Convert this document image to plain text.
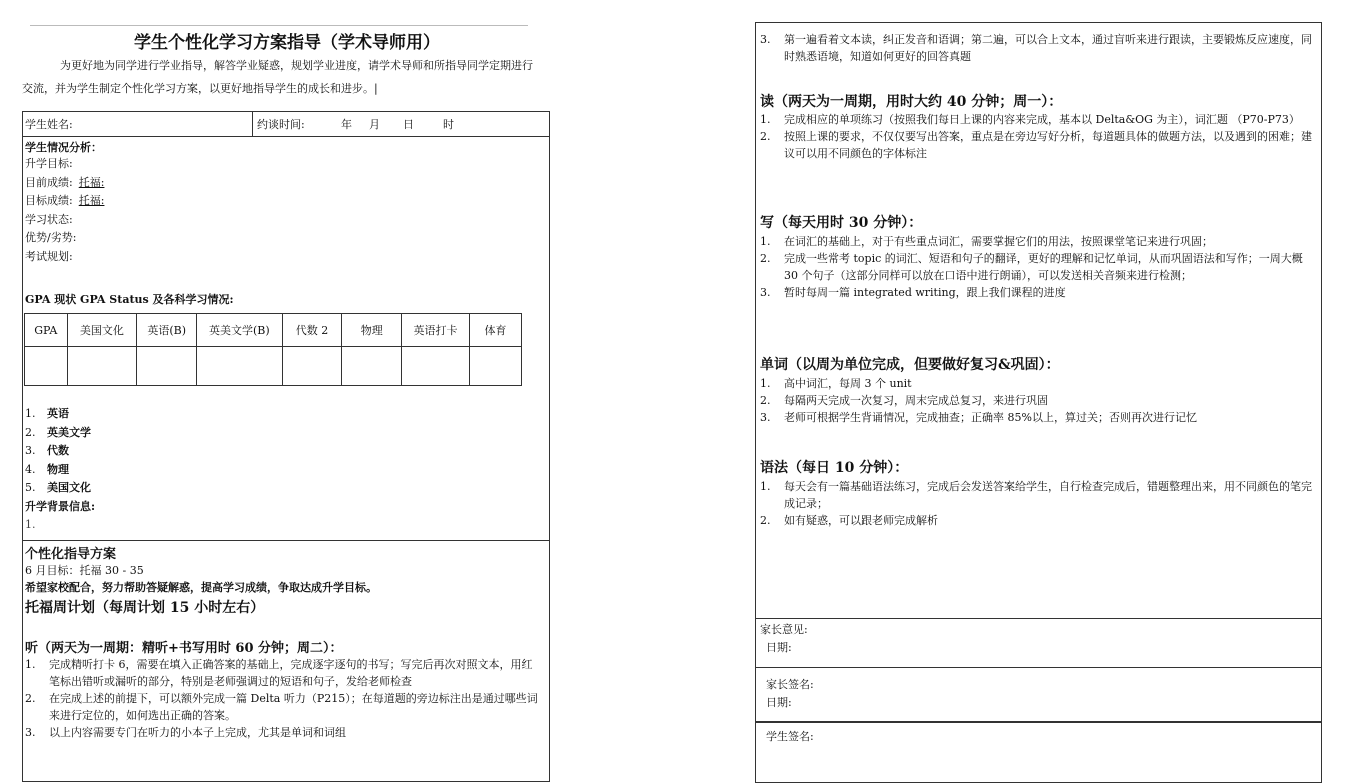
学生个性化学习方案指导（学术导师用）
为更好地为同学进行学业指导，解答学业疑惑，规划学业进度，请学术导师和所指导同学定期进行交流，并为学生制定个性化学习方案，以更好地指导学生的成长和进步。|
学生姓名:	约谈时间:	年 月 日	时
学生情况分析：
升学目标:
目前成绩: 托福:
目标成绩: 托福:
学习状态:
优势/劣势:
考试规划:
GPA 现状 GPA Status 及各科学习情况:
1. 英语
2. 英美文学
3. 代数
4. 物理
5. 美国文化
升学背景信息:
1.
GPA	美国文化	英语(B)	英美文学(B)	代数 2	物理	英语打卡	体育

个性化指导方案
6 月目标：托福 30 - 35
希望家校配合，努力帮助答疑解惑，提高学习成绩，争取达成升学目标。
托福周计划（每周计划 15 小时左右）
听（两天为一周期：精听+书写用时 60 分钟；周二）：
1. 完成精听打卡 6，需要在填入正确答案的基础上，完成逐字逐句的书写；写完后再次对照文本，用红笔标出错听或漏听的部分，特别是老师强调过的短语和句子，发给老师检查
2. 在完成上述的前提下，可以额外完成一篇 Delta 听力（P215）；在每道题的旁边标注出是通过哪些词来进行定位的，如何选出正确的答案。
3. 以上内容需要专门在听力的小本子上完成，尤其是单词和词组
3. 第一遍看着文本读，纠正发音和语调；第二遍，可以合上文本，通过盲听来进行跟读，主要锻炼反应速度，同时熟悉语境，知道如何更好的回答真题
读（两天为一周期，用时大约 40 分钟；周一）：
1. 完成相应的单项练习（按照我们每日上课的内容来完成，基本以 Delta&OG 为主），词汇题 （P70-P73）
2. 按照上课的要求，不仅仅要写出答案，重点是在旁边写好分析，每道题具体的做题方法，以及遇到的困难；建议可以用不同颜色的字体标注
写（每天用时 30 分钟）：
1. 在词汇的基础上，对于有些重点词汇，需要掌握它们的用法，按照课堂笔记来进行巩固；
2. 完成一些常考 topic 的词汇、短语和句子的翻译，更好的理解和记忆单词，从而巩固语法和写作；一周大概 30 个句子（这部分同样可以放在口语中进行朗诵），可以发送相关音频来进行检测；
3. 暂时每周一篇 integrated writing，跟上我们课程的进度
单词（以周为单位完成，但要做好复习&巩固）：
1. 高中词汇，每周 3 个 unit
2. 每隔两天完成一次复习，周末完成总复习，来进行巩固
3. 老师可根据学生背诵情况，完成抽查；正确率 85%以上，算过关；否则再次进行记忆
语法（每日 10 分钟）：
1. 每天会有一篇基础语法练习，完成后会发送答案给学生，自行检查完成后，错题整理出来，用不同颜色的笔完成记录；
2. 如有疑惑，可以跟老师完成解析
家长意见:
日期:
家长签名:
日期:
学生签名:
